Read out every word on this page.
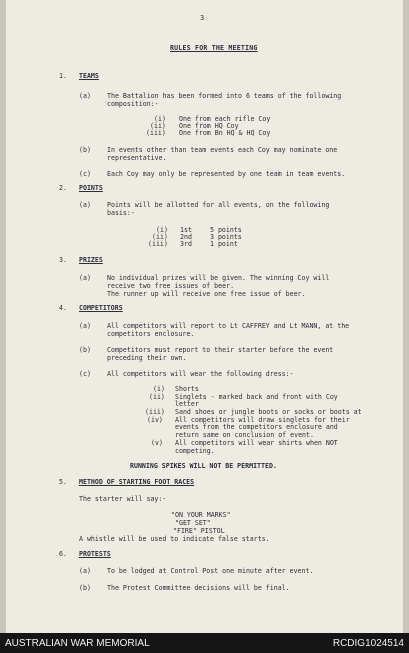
3
RULES FOR THE MEETING
1. TEAMS
(a) The Battalion has been formed into 6 teams of the following
composition:-
(i) One from each rifle Coy
(ii) One from HQ Coy
(iii) One from Bn HQ & HQ Coy
(b) In events other than team events each Coy may nominate one
representative.
(c) Each Coy may only be represented by one team in team events.
2. POINTS
(a) Points will be allotted for all events, on the following
basis:-
(i) 1st	5 points
(ii) 2nd	3 points
(iii) 3rd	1 point
3. PRIZES
(a) No individual prizes will be given. The winning Coy will
receive two free issues of beer.
The runner up will receive one free issue of beer.
4. COMPETITORS
(a) All competitors will report to Lt CAFFREY and Lt MANN, at the
competitors enclosure.
(b) Competitors must report to their starter before the event
preceding their own.
(c) All competitors will wear the following dress:-
(i) Shorts
(ii) Singlets - marked back and front with Coy
letter
(iii) Sand shoes or jungle boots or socks or boots at
(iv) All competitors will draw singlets for their
events from the competitors enclosure and
return same on conclusion of event.
(v) All competitors will wear shirts when NOT
competing.
RUNNING SPIKES WILL NOT BE PERMITTED.
5. METHOD OF STARTING FOOT RACES
The starter will say:-
"ON YOUR MARKS"
"GET SET"
"FIRE" PISTOL
A whistle will be used to indicate false starts.
6. PROTESTS
(a) To be lodged at Control Post one minute after event.
(b) The Protest Committee decisions will be final.
AUSTRALIAN WAR MEMORIAL	RCDIG1024514
